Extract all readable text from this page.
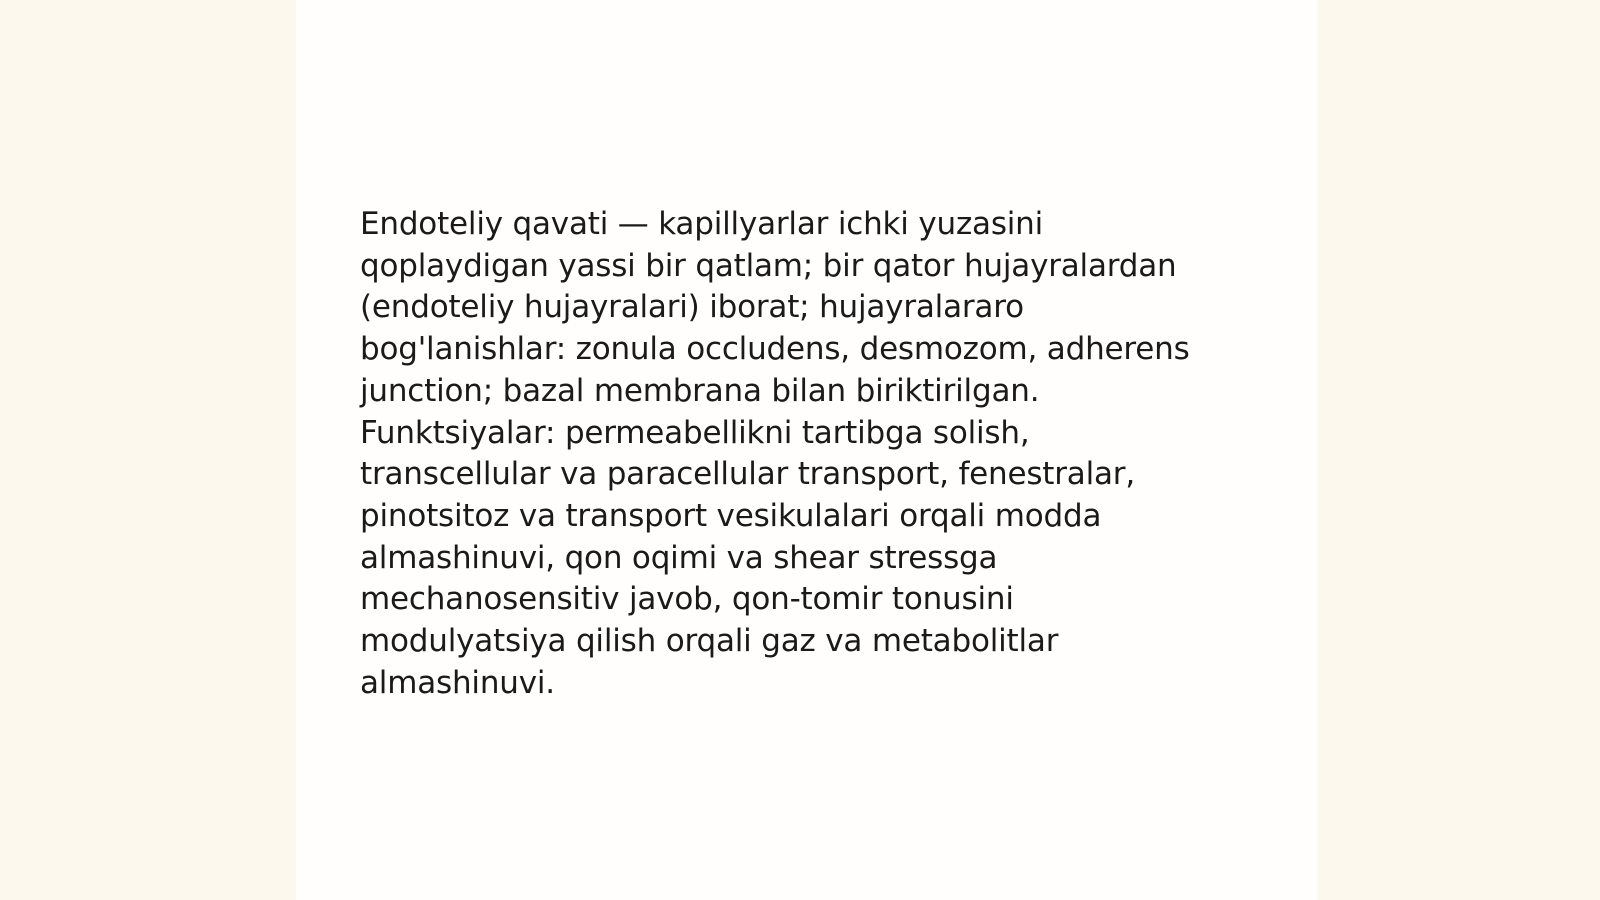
Endoteliy qavati — kapillyarlar ichki yuzasini
qoplaydigan yassi bir qatlam; bir qator hujayralardan
(endoteliy hujayralari) iborat; hujayralararo
bog'lanishlar: zonula occludens, desmozom, adherens
junction; bazal membrana bilan biriktirilgan.
Funktsiyalar: permeabellikni tartibga solish,
transcellular va paracellular transport, fenestralar,
pinotsitoz va transport vesikulalari orqali modda
almashinuvi, qon oqimi va shear stressga
mechanosensitiv javob, qon-tomir tonusini
modulyatsiya qilish orqali gaz va metabolitlar
almashinuvi.
